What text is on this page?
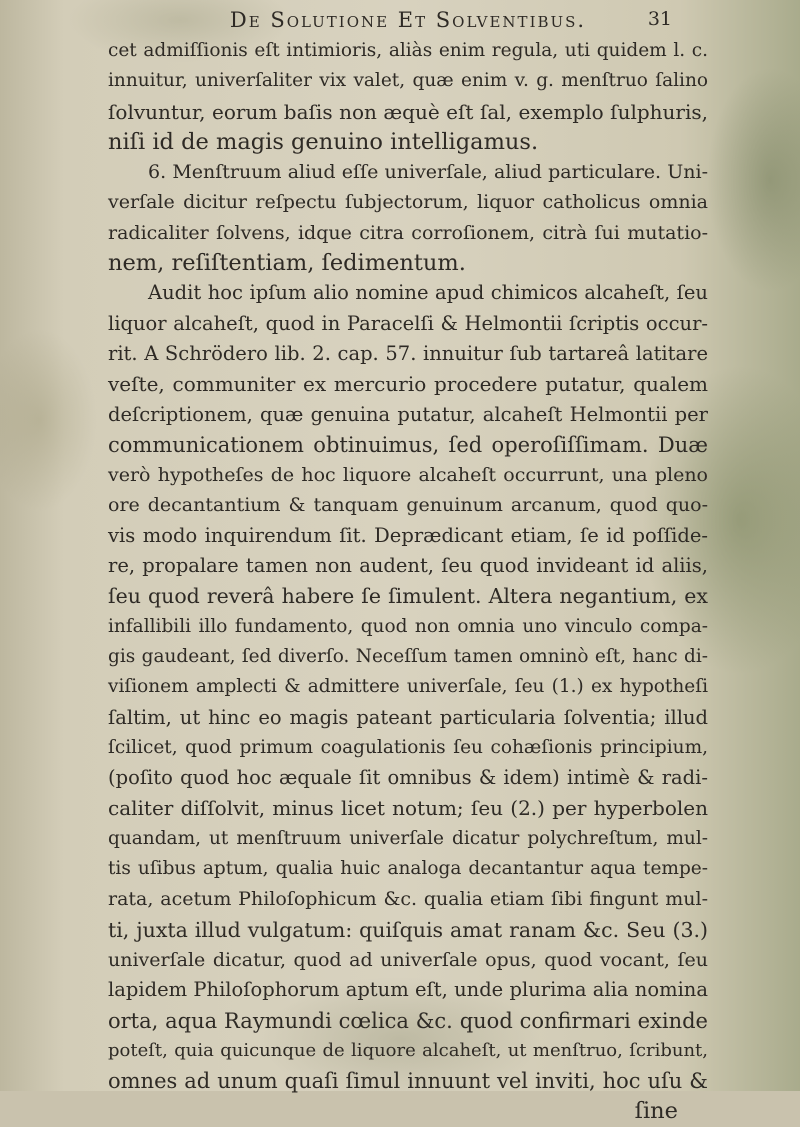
De Solutione Et Solventibus.	31
cet admiſſionis eſt intimioris, aliàs enim regula, uti quidem l. c.
innuitur, univerſaliter vix valet, quæ enim v. g. menſtruo ſalino
ſolvuntur, eorum baſis non æquè eſt ſal, exemplo ſulphuris,
niſi id de magis genuino intelligamus.
6. Menſtruum aliud eſſe univerſale, aliud particulare. Uni-
verſale dicitur reſpectu ſubjectorum, liquor catholicus omnia
radicaliter ſolvens, idque citra corroſionem, citrà ſui mutatio-
nem, reſiſtentiam, ſedimentum.
Audit hoc ipſum alio nomine apud chimicos alcaheſt, ſeu
liquor alcaheſt, quod in Paracelſi & Helmontii ſcriptis occur-
rit. A Schrödero lib. 2. cap. 57. innuitur ſub tartareâ latitare
veſte, communiter ex mercurio procedere putatur, qualem
deſcriptionem, quæ genuina putatur, alcaheſt Helmontii per
communicationem obtinuimus, ſed operoſiſſimam. Duæ
verò hypotheſes de hoc liquore alcaheſt occurrunt, una pleno
ore decantantium & tanquam genuinum arcanum, quod quo-
vis modo inquirendum ſit. Deprædicant etiam, ſe id poſſide-
re, propalare tamen non audent, ſeu quod invideant id aliis,
ſeu quod reverâ habere ſe ſimulent. Altera negantium, ex
infallibili illo fundamento, quod non omnia uno vinculo compa-
gis gaudeant, ſed diverſo. Neceſſum tamen omninò eſt, hanc di-
viſionem amplecti & admittere univerſale, ſeu (1.) ex hypotheſi
ſaltim, ut hinc eo magis pateant particularia ſolventia; illud
ſcilicet, quod primum coagulationis ſeu cohæſionis principium,
(poſito quod hoc æquale ſit omnibus & idem) intimè & radi-
caliter diſſolvit, minus licet notum; ſeu (2.) per hyperbolen
quandam, ut menſtruum univerſale dicatur polychreſtum, mul-
tis uſibus aptum, qualia huic analoga decantantur aqua tempe-
rata, acetum Philoſophicum &c. qualia etiam ſibi fingunt mul-
ti, juxta illud vulgatum: quiſquis amat ranam &c. Seu (3.)
univerſale dicatur, quod ad univerſale opus, quod vocant, ſeu
lapidem Philoſophorum aptum eſt, unde plurima alia nomina
orta, aqua Raymundi cœlica &c. quod confirmari exinde
poteſt, quia quicunque de liquore alcaheſt, ut menſtruo, ſcribunt,
omnes ad unum quaſi ſimul innuunt vel inviti, hoc uſu &
ſine
